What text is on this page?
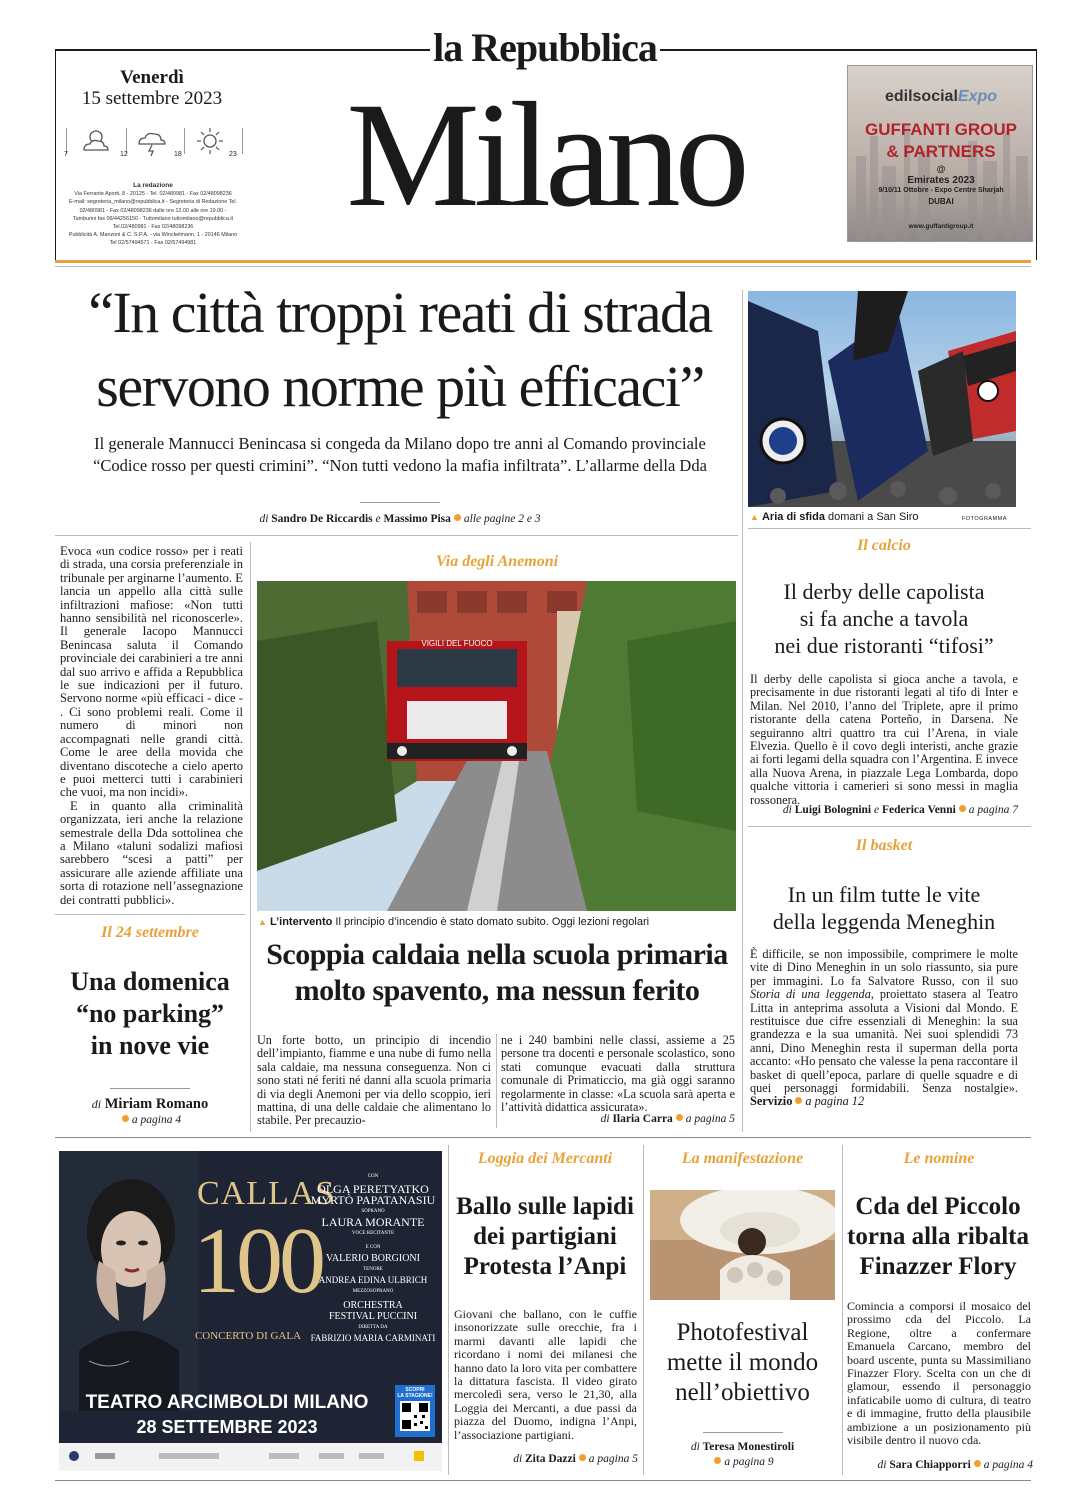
la Repubblica
Milano
Venerdì
15 settembre 2023
7	12	18	23
La redazione
Via Ferrante Aporti, 8 - 20125 - Tel. 02/480981 - Fax 02/48098236
E-mail: segreteria_milano@repubblica.it - Segreteria di Redazione Tel.
02/480981 - Fax 02/48098236 dalle ore 12.00 alle ore 19.00 -
Tamburini fax 06/44256150 - Tuttomilano tuttomilano@repubblica.it
Tel.02/480981 - Fax 02/48098236
Pubblicità A. Manzoni & C. S.P.A. - via Winckelmann, 1 - 20146 Milano
Tel 02/57494571 - Fax 02/57494981
edilsocialExpo
GUFFANTI GROUP
& PARTNERS
@
Emirates 2023
9/10/11 Ottobre - Expo Centre Sharjah
DUBAI
www.guffantigroup.it
“In città troppi reati di strada
servono norme più efficaci”
Il generale Mannucci Benincasa si congeda da Milano dopo tre anni al Comando provinciale
“Codice rosso per questi crimini”. “Non tutti vedono la mafia infiltrata”. L’allarme della Dda
di Sandro De Riccardis e Massimo Pisa alle pagine 2 e 3

Evoca «un codice rosso» per i reati di strada, una corsia preferenziale in tribunale per arginarne l’aumento. E lancia un appello alla città sulle infiltrazioni mafiose: «Non tutti hanno sensibilità nel riconoscerle». Il generale Iacopo Mannucci Benincasa saluta il Comando provinciale dei carabinieri a tre anni dal suo arrivo e affida a Repubblica le sue indicazioni per il futuro. Servono norme «più efficaci - dice - . Ci sono problemi reali. Come il numero di minori non accompagnati nelle grandi città. Come le aree della movida che diventano discoteche a cielo aperto e puoi metterci tutti i carabinieri che vuoi, ma non incidi».

E in quanto alla criminalità organizzata, ieri anche la relazione semestrale della Dda sottolinea che a Milano «taluni sodalizi mafiosi sarebbero “scesi a patti” per assicurare alle aziende affiliate una sorta di rotazione nell’assegnazione dei contratti pubblici».

▲ Aria di sfida domani a San Siro	FOTOGRAMMA
Il calcio
Il derby delle capolista
si fa anche a tavola
nei due ristoranti “tifosi”
Il derby delle capolista si gioca anche a tavola, e precisamente in due ristoranti legati al tifo di Inter e Milan. Nel 2010, l’anno del Triplete, apre il primo ristorante della catena Porteño, in Darsena. Ne seguiranno altri quattro tra cui l’Arena, in viale Elvezia. Quello è il covo degli interisti, anche grazie ai forti legami della squadra con l’Argentina. E invece alla Nuova Arena, in piazzale Lega Lombarda, dopo qualche vittoria i camerieri si sono messi in maglia rossonera.
di Luigi Bolognini e Federica Venni a pagina 7
Il basket
In un film tutte le vite
della leggenda Meneghin
È difficile, se non impossibile, comprimere le molte vite di Dino Meneghin in un solo riassunto, sia pure per immagini. Lo fa Salvatore Russo, con il suo Storia di una leggenda, proiettato stasera al Teatro Litta in anteprima assoluta a Visioni dal Mondo. E restituisce due cifre essenziali di Meneghin: la sua grandezza e la sua umanità. Nei suoi splendidi 73 anni, Dino Meneghin resta il superman della porta accanto: «Ho pensato che valesse la pena raccontare il basket di quell’epoca, parlare di quelle squadre e di quei personaggi formidabili. Senza nostalgie». Servizio a pagina 12
Via degli Anemoni
VIGILI DEL FUOCO
▲ L’intervento Il principio d’incendio è stato domato subito. Oggi lezioni regolari
Scoppia caldaia nella scuola primaria
molto spavento, ma nessun ferito
Un forte botto, un principio di incendio dell’impianto, fiamme e una nube di fumo nella sala caldaie, ma nessuna conseguenza. Non ci sono stati né feriti né danni alla scuola primaria di via degli Anemoni per via dello scoppio, ieri mattina, di una delle caldaie che alimentano lo stabile. Per precauzio-
ne i 240 bambini nelle classi, assieme a 25 persone tra docenti e personale scolastico, sono stati comunque evacuati dalla struttura comunale di Primaticcio, ma già oggi saranno regolarmente in classe: «La scuola sarà aperta e l’attività didattica assicurata».
di Ilaria Carra a pagina 5
Il 24 settembre
Una domenica
“no parking”
in nove vie
di Miriam Romano
a pagina 4
CALLAS
100
CONCERTO DI GALA
CON
OLGA PERETYATKO
MYRTÒ PAPATANASIU
SOPRANO
LAURA MORANTE
VOCE RECITANTE
E CON
VALERIO BORGIONI
TENORE
ANDREA EDINA ULBRICH
MEZZOSOPRANO
ORCHESTRA
FESTIVAL PUCCINI
DIRETTA DA
FABRIZIO MARIA CARMINATI
TEATRO ARCIMBOLDI MILANO
28 SETTEMBRE 2023
SCOPRI
LA STAGIONE!
Loggia dei Mercanti
Ballo sulle lapidi
dei partigiani
Protesta l’Anpi
Giovani che ballano, con le cuffie insonorizzate sulle orecchie, fra i marmi davanti alle lapidi che ricordano i nomi dei milanesi che hanno dato la loro vita per combattere la dittatura fascista. Il video girato mercoledì sera, verso le 21,30, alla Loggia dei Mercanti, a due passi da piazza del Duomo, indigna l’Anpi, l’associazione partigiani.
di Zita Dazzi a pagina 5
La manifestazione
Photofestival
mette il mondo
nell’obiettivo
di Teresa Monestiroli
a pagina 9
Le nomine
Cda del Piccolo
torna alla ribalta
Finazzer Flory
Comincia a comporsi il mosaico del prossimo cda del Piccolo. La Regione, oltre a confermare Emanuela Carcano, membro del board uscente, punta su Massimiliano Finazzer Flory. Scelta con un che di glamour, essendo il personaggio infaticabile uomo di cultura, di teatro e di immagine, frutto della plausibile ambizione a un posizionamento più visibile dentro il nuovo cda.
di Sara Chiapporri a pagina 4
